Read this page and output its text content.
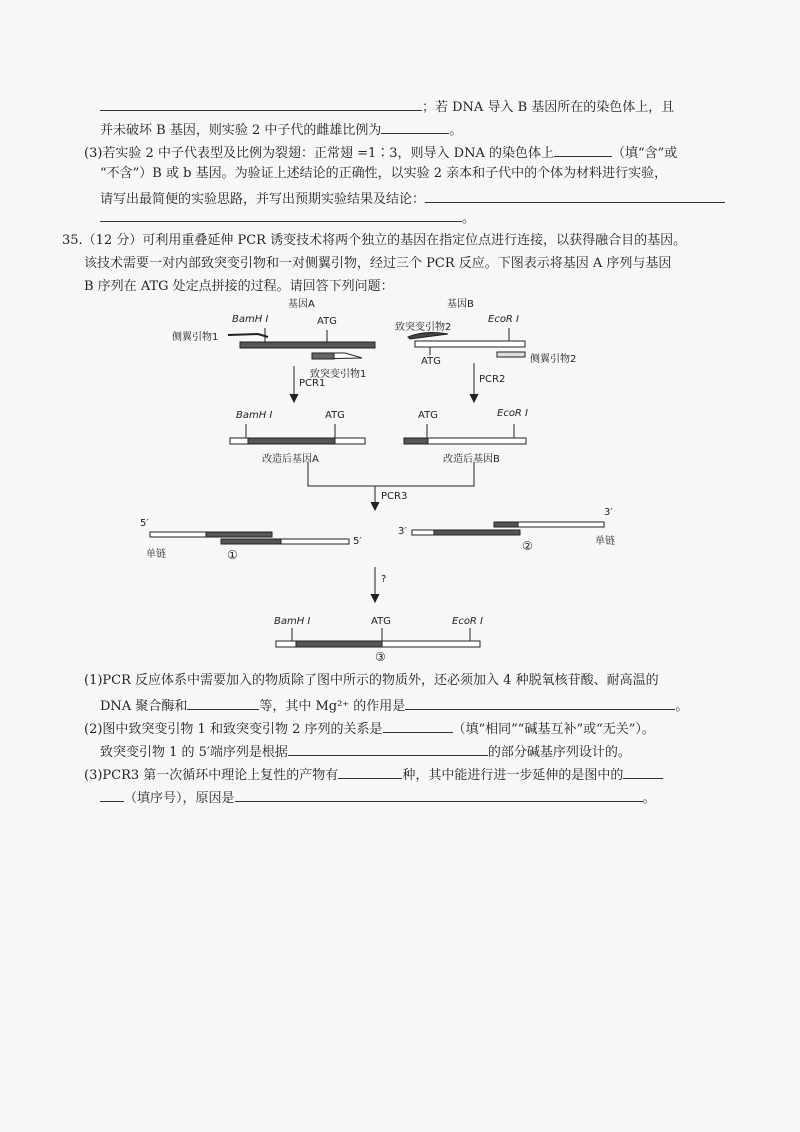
；若 DNA 导入 B 基因所在的染色体上，且
并未破坏 B 基因，则实验 2 中子代的雌雄比例为	。
(3)若实验 2 中子代表型及比例为裂翅：正常翅 =1∶3，则导入 DNA 的染色体上	（填“含”或
“不含”）B 或 b 基因。为验证上述结论的正确性，以实验 2 亲本和子代中的个体为材料进行实验，
请写出最简便的实验思路，并写出预期实验结果及结论：
。
35.（12 分）可利用重叠延伸 PCR 诱变技术将两个独立的基因在指定位点进行连接，以获得融合目的基因。
该技术需要一对内部致突变引物和一对侧翼引物，经过三个 PCR 反应。下图表示将基因 A 序列与基因
B 序列在 ATG 处定点拼接的过程。请回答下列问题：
基因A	基因B
BamH Ⅰ	ATG
侧翼引物1
致突变引物1
致突变引物2
EcoR Ⅰ
ATG	侧翼引物2
PCR1	PCR2
BamH Ⅰ	ATG
改造后基因A
ATG	EcoR Ⅰ
改造后基因B
PCR3
5′
单链	①
5′
3′
3′
②	单链
?
BamH Ⅰ	ATG	EcoR Ⅰ
③
(1)PCR 反应体系中需要加入的物质除了图中所示的物质外，还必须加入 4 种脱氧核苷酸、耐高温的
DNA 聚合酶和	等，其中 Mg²⁺ 的作用是	。
(2)图中致突变引物 1 和致突变引物 2 序列的关系是	（填“相同”“碱基互补”或“无关”）。
致突变引物 1 的 5′端序列是根据	的部分碱基序列设计的。
(3)PCR3 第一次循环中理论上复性的产物有	种，其中能进行进一步延伸的是图中的
（填序号），原因是	。
